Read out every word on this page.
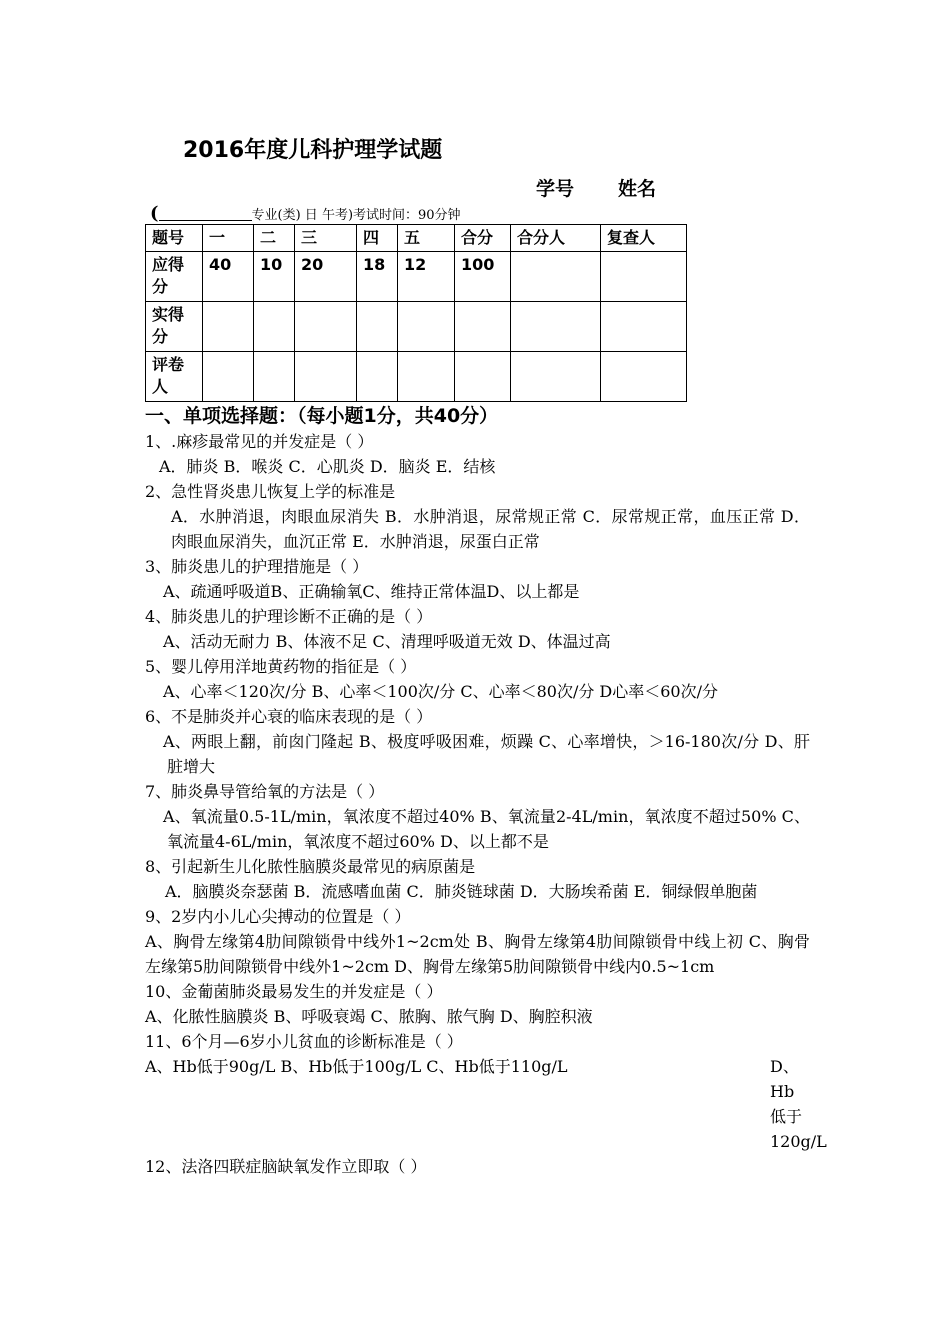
2016年度儿科护理学试题
学号 姓名
(	专业(类) 日 午考)考试时间：90分钟
题号	一	二	三	四	五	合分	合分人	复查人
应得分	40	10	20	18	12	100		
实得分								
评卷人								

一、单项选择题：（每小题1分，共40分）

1、.麻疹最常见的并发症是（ ）

A．肺炎 B．喉炎 C．心肌炎 D．脑炎 E．结核

2、急性肾炎患儿恢复上学的标准是

A．水肿消退，肉眼血尿消失 B．水肿消退，尿常规正常 C．尿常规正常，血压正常 D．肉眼血尿消失，血沉正常 E．水肿消退，尿蛋白正常

3、肺炎患儿的护理措施是（ ）

A、疏通呼吸道B、正确输氧C、维持正常体温D、以上都是

4、肺炎患儿的护理诊断不正确的是（ ）

A、活动无耐力 B、体液不足 C、清理呼吸道无效 D、体温过高

5、婴儿停用洋地黄药物的指征是（ ）

A、心率＜120次/分 B、心率＜100次/分 C、心率＜80次/分 D心率＜60次/分

6、不是肺炎并心衰的临床表现的是（ ）

A、两眼上翻，前囱门隆起 B、极度呼吸困难，烦躁 C、心率增快，＞16-180次/分 D、肝脏增大

7、肺炎鼻导管给氧的方法是（ ）

A、氧流量0.5-1L/min，氧浓度不超过40% B、氧流量2-4L/min，氧浓度不超过50% C、氧流量4-6L/min，氧浓度不超过60% D、以上都不是

8、引起新生儿化脓性脑膜炎最常见的病原菌是

A．脑膜炎奈瑟菌 B．流感嗜血菌 C．肺炎链球菌 D．大肠埃希菌 E．铜绿假单胞菌

9、2岁内小儿心尖搏动的位置是（ ）

A、胸骨左缘第4肋间隙锁骨中线外1~2cm处 B、胸骨左缘第4肋间隙锁骨中线上初 C、胸骨左缘第5肋间隙锁骨中线外1~2cm D、胸骨左缘第5肋间隙锁骨中线内0.5~1cm

10、金葡菌肺炎最易发生的并发症是（ ）

A、化脓性脑膜炎 B、呼吸衰竭 C、脓胸、脓气胸 D、胸腔积液

11、6个月—6岁小儿贫血的诊断标准是（ ）

A、Hb低于90g/L B、Hb低于100g/L C、Hb低于110g/L	D、Hb低于120g/L

12、法洛四联症脑缺氧发作立即取（ ）
